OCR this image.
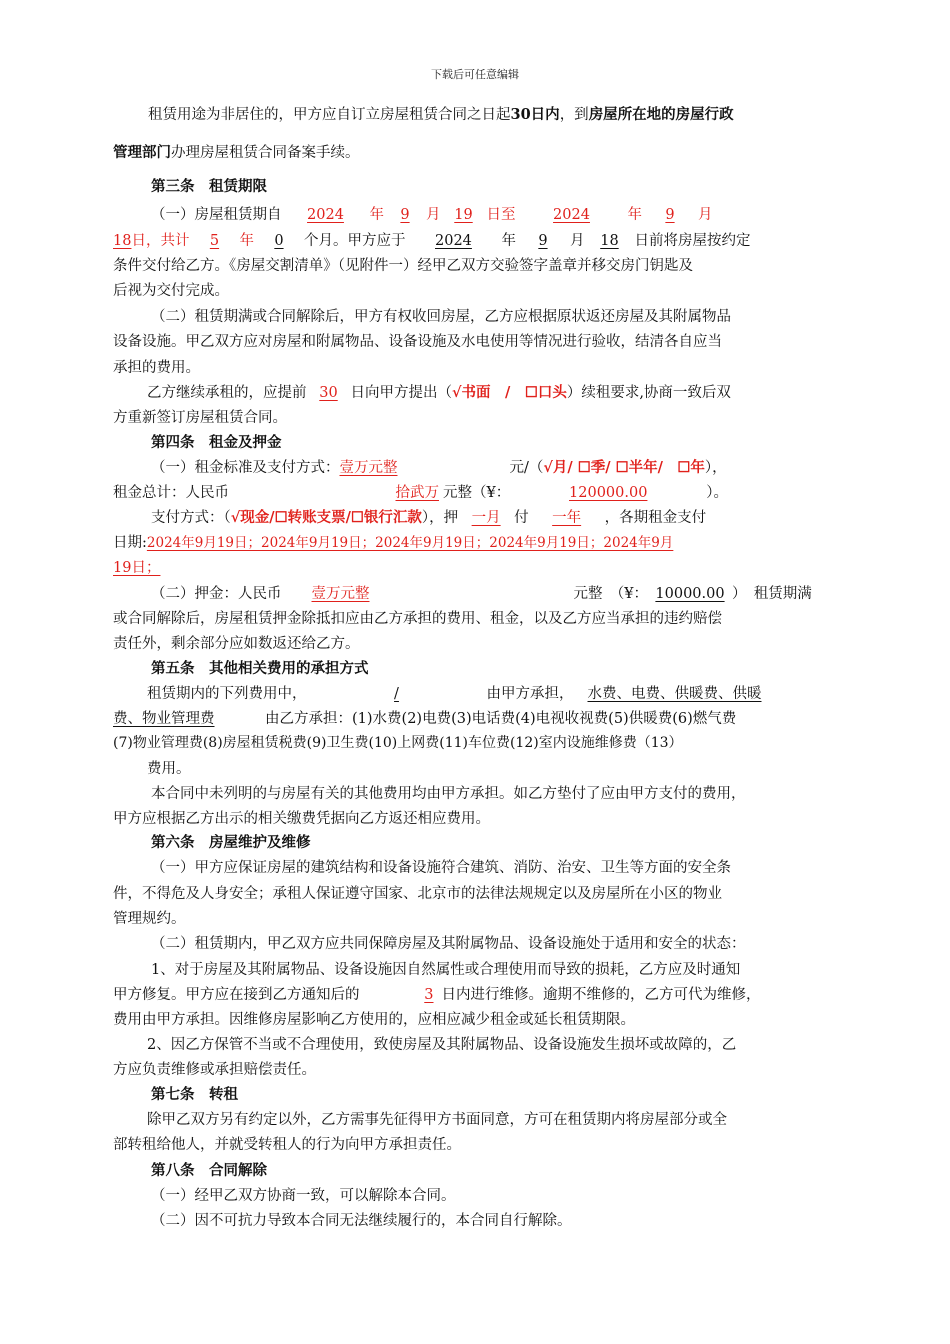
下载后可任意编辑
租赁用途为非居住的，甲方应自订立房屋租赁合同之日起30日内，到房屋所在地的房屋行政
管理部门办理房屋租赁合同备案手续。
第三条　租赁期限
（一）房屋租赁期自 2024 年 9 月 19 日至	2024	年 9 月
18日，共计 5 年 0 个月。甲方应于 2024 年 9 月 18 日前将房屋按约定
条件交付给乙方。《房屋交割清单》（见附件一）经甲乙双方交验签字盖章并移交房门钥匙及
后视为交付完成。
（二）租赁期满或合同解除后，甲方有权收回房屋，乙方应根据原状返还房屋及其附属物品
设备设施。甲乙双方应对房屋和附属物品、设备设施及水电使用等情况进行验收，结清各自应当
承担的费用。
乙方继续承租的，应提前 30 日向甲方提出（√书面　/　☐口头）续租要求,协商一致后双
方重新签订房屋租赁合同。
第四条　租金及押金
（一）租金标准及支付方式：壹万元整	元/（√月/ ☐季/ ☐半年/　☐年），
租金总计：人民币	拾武万 元整（¥：	120000.00	）。
支付方式：（√现金/☐转账支票/☐银行汇款），押 一月 付 一年 ，各期租金支付
日期:2024年9月19日；2024年9月19日；2024年9月19日；2024年9月19日；2024年9月
19日；
（二）押金：人民币 壹万元整	元整　（¥： 10000.00 ）　租赁期满
或合同解除后，房屋租赁押金除抵扣应由乙方承担的费用、租金，以及乙方应当承担的违约赔偿
责任外，剩余部分应如数返还给乙方。
第五条　其他相关费用的承担方式
租赁期内的下列费用中，	/	由甲方承担， 水费、电费、供暖费、供暖
费、物业管理费	由乙方承担：(1)水费(2)电费(3)电话费(4)电视收视费(5)供暖费(6)燃气费
(7)物业管理费(8)房屋租赁税费(9)卫生费(10)上网费(11)车位费(12)室内设施维修费（13）
费用。
本合同中未列明的与房屋有关的其他费用均由甲方承担。如乙方垫付了应由甲方支付的费用，
甲方应根据乙方出示的相关缴费凭据向乙方返还相应费用。
第六条　房屋维护及维修
（一）甲方应保证房屋的建筑结构和设备设施符合建筑、消防、治安、卫生等方面的安全条
件，不得危及人身安全；承租人保证遵守国家、北京市的法律法规规定以及房屋所在小区的物业
管理规约。
（二）租赁期内，甲乙双方应共同保障房屋及其附属物品、设备设施处于适用和安全的状态：
1、对于房屋及其附属物品、设备设施因自然属性或合理使用而导致的损耗，乙方应及时通知
甲方修复。甲方应在接到乙方通知后的	3 日内进行维修。逾期不维修的，乙方可代为维修，
费用由甲方承担。因维修房屋影响乙方使用的，应相应减少租金或延长租赁期限。
2、因乙方保管不当或不合理使用，致使房屋及其附属物品、设备设施发生损坏或故障的，乙
方应负责维修或承担赔偿责任。
第七条　转租
除甲乙双方另有约定以外，乙方需事先征得甲方书面同意，方可在租赁期内将房屋部分或全
部转租给他人，并就受转租人的行为向甲方承担责任。
第八条　合同解除
（一）经甲乙双方协商一致，可以解除本合同。
（二）因不可抗力导致本合同无法继续履行的，本合同自行解除。
